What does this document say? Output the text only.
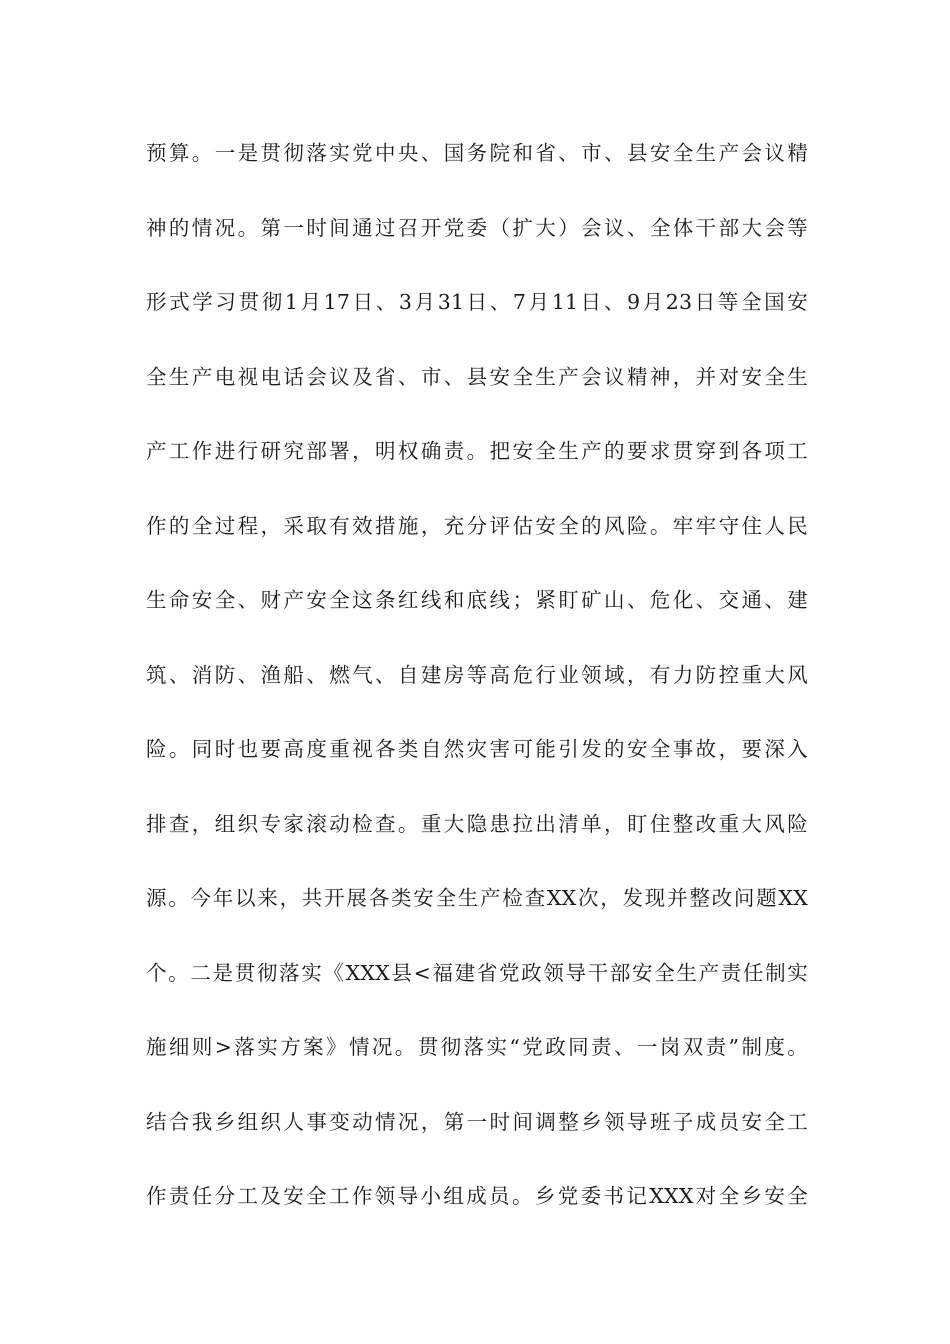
预算。一是贯彻落实党中央、国务院和省、市、县安全生产会议精
神的情况。第一时间通过召开党委（扩大）会议、全体干部大会等
形式学习贯彻1月17日、3月31日、7月11日、9月23日等全国安
全生产电视电话会议及省、市、县安全生产会议精神，并对安全生
产工作进行研究部署，明权确责。把安全生产的要求贯穿到各项工
作的全过程，采取有效措施，充分评估安全的风险。牢牢守住人民
生命安全、财产安全这条红线和底线；紧盯矿山、危化、交通、建
筑、消防、渔船、燃气、自建房等高危行业领域，有力防控重大风
险。同时也要高度重视各类自然灾害可能引发的安全事故，要深入
排查，组织专家滚动检查。重大隐患拉出清单，盯住整改重大风险
源。今年以来，共开展各类安全生产检查XX次，发现并整改问题XX
个。二是贯彻落实《XXX县<福建省党政领导干部安全生产责任制实
施细则>落实方案》情况。贯彻落实“党政同责、一岗双责”制度。
结合我乡组织人事变动情况，第一时间调整乡领导班子成员安全工
作责任分工及安全工作领导小组成员。乡党委书记XXX对全乡安全
